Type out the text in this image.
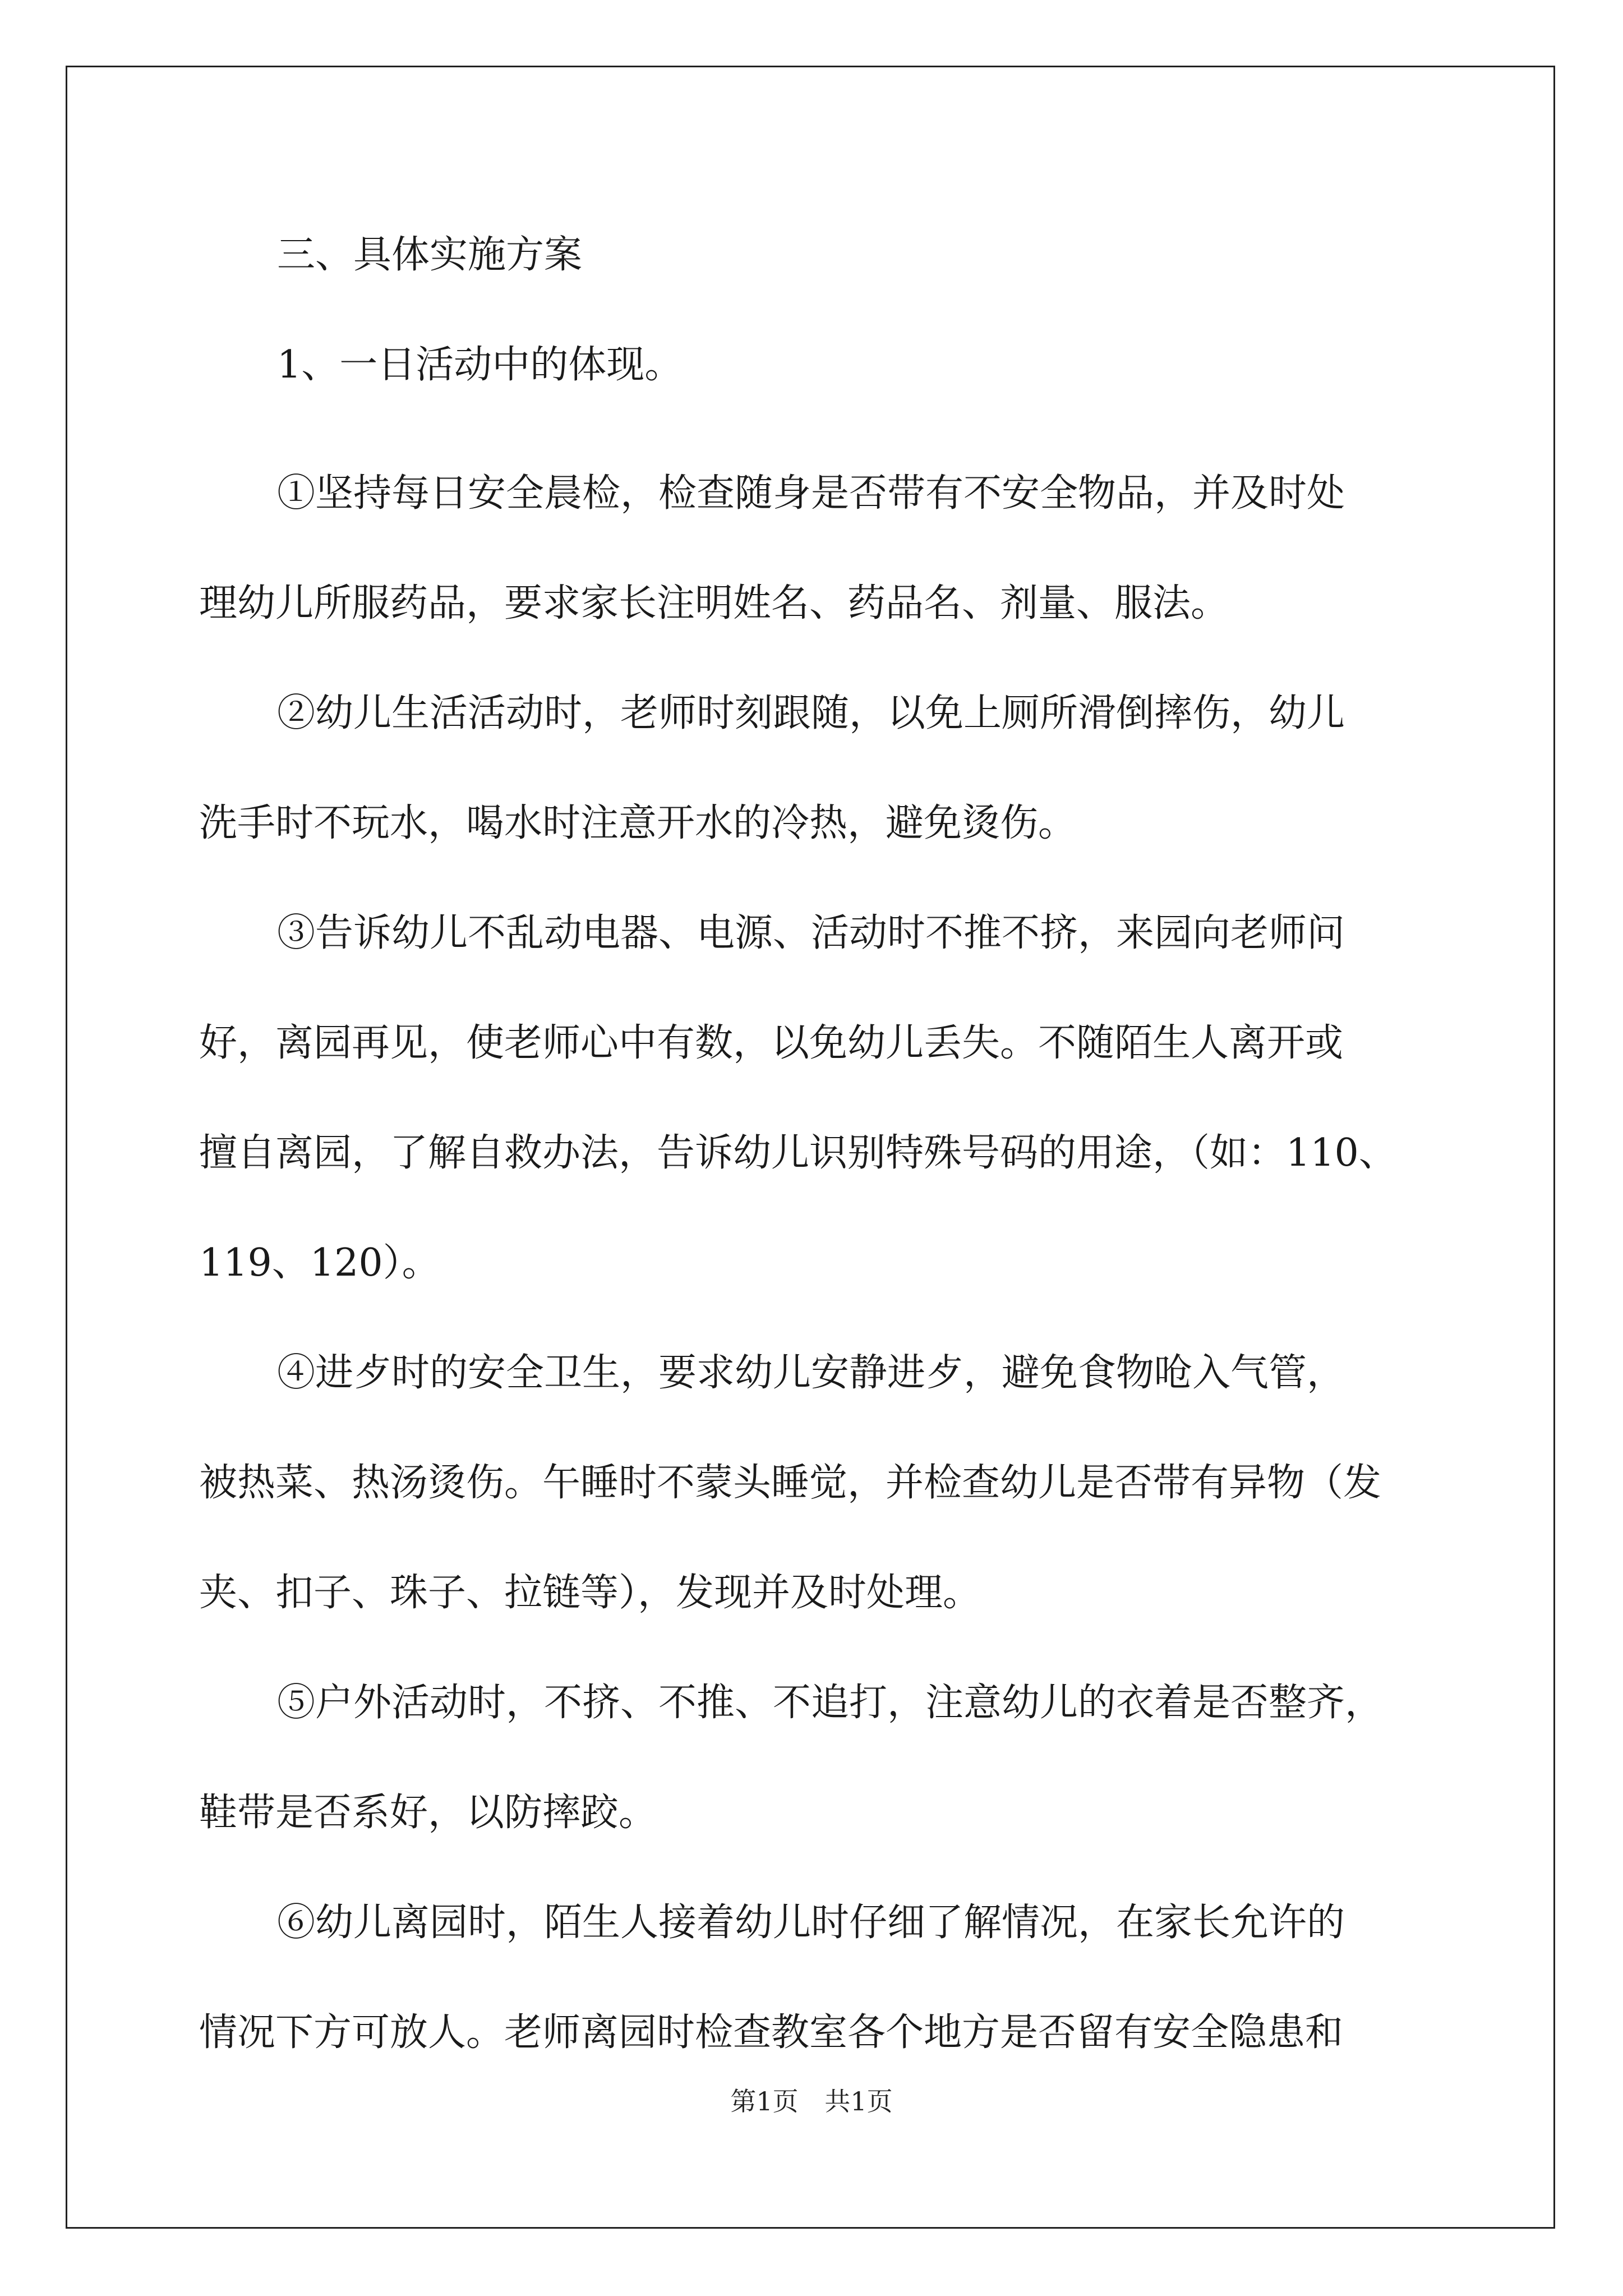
三、具体实施方案

1、一日活动中的体现。

①坚持每日安全晨检，检查随身是否带有不安全物品，并及时处
理幼儿所服药品，要求家长注明姓名、药品名、剂量、服法。

②幼儿生活活动时，老师时刻跟随，以免上厕所滑倒摔伤，幼儿
洗手时不玩水，喝水时注意开水的冷热，避免烫伤。

③告诉幼儿不乱动电器、电源、活动时不推不挤，来园向老师问
好，离园再见，使老师心中有数，以免幼儿丢失。不随陌生人离开或
擅自离园，了解自救办法，告诉幼儿识别特殊号码的用途，（如：110、
119、120）。

④进歺时的安全卫生，要求幼儿安静进歺，避免食物呛入气管，
被热菜、热汤烫伤。午睡时不蒙头睡觉，并检查幼儿是否带有异物（发
夹、扣子、珠子、拉链等），发现并及时处理。

⑤户外活动时，不挤、不推、不追打，注意幼儿的衣着是否整齐，
鞋带是否系好，以防摔跤。

⑥幼儿离园时，陌生人接着幼儿时仔细了解情况，在家长允许的
情况下方可放人。老师离园时检查教室各个地方是否留有安全隐患和

第1页 共1页
